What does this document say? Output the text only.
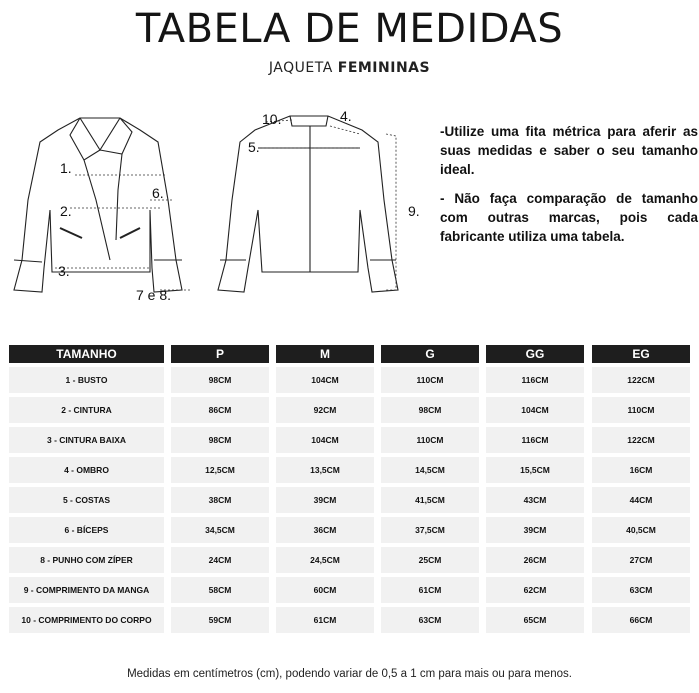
TABELA DE MEDIDAS
JAQUETA FEMININAS
1.
2.
3.
6.
7 e 8.
10.	4.
5.
9.

-Utilize uma fita métrica para aferir as suas medidas e saber o seu tamanho ideal.

- Não faça comparação de tamanho com outras marcas, pois cada fabricante utiliza uma tabela.

TAMANHO	P	M	G	GG	EG
1 - BUSTO	98CM	104CM	110CM	116CM	122CM
2 - CINTURA	86CM	92CM	98CM	104CM	110CM
3 - CINTURA BAIXA	98CM	104CM	110CM	116CM	122CM
4 - OMBRO	12,5CM	13,5CM	14,5CM	15,5CM	16CM
5 - COSTAS	38CM	39CM	41,5CM	43CM	44CM
6 - BÍCEPS	34,5CM	36CM	37,5CM	39CM	40,5CM
8 - PUNHO COM ZÍPER	24CM	24,5CM	25CM	26CM	27CM
9 - COMPRIMENTO DA MANGA	58CM	60CM	61CM	62CM	63CM
10 - COMPRIMENTO DO CORPO	59CM	61CM	63CM	65CM	66CM
Medidas em centímetros (cm), podendo variar de 0,5 a 1 cm para mais ou para menos.
